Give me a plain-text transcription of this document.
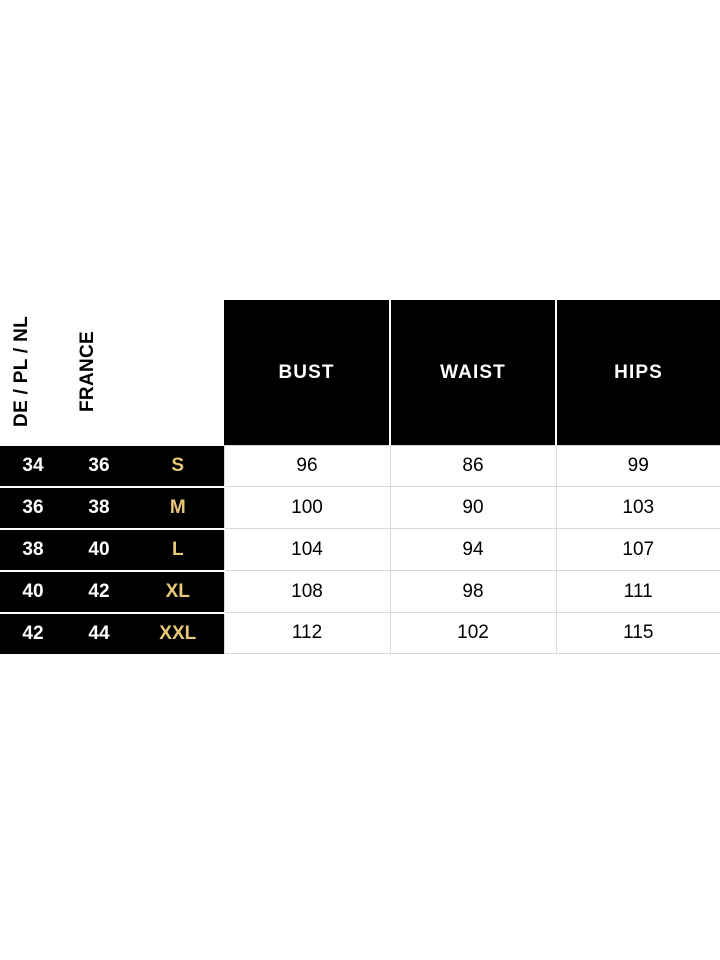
DE / PL / NL	FRANCE		BUST	WAIST	HIPS
34	36	S	96	86	99
36	38	M	100	90	103
38	40	L	104	94	107
40	42	XL	108	98	111
42	44	XXL	112	102	115
